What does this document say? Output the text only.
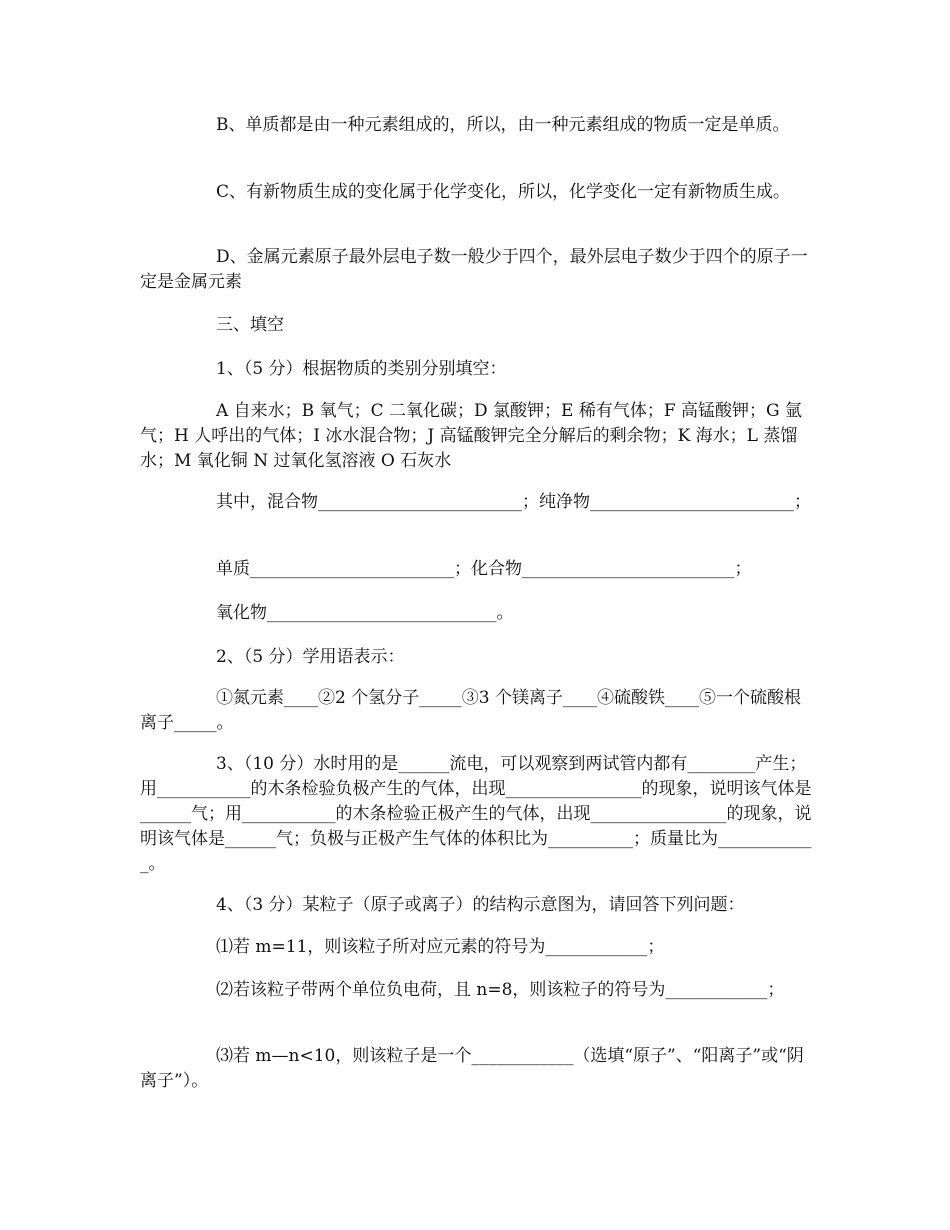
B、单质都是由一种元素组成的，所以，由一种元素组成的物质一定是单质。

C、有新物质生成的变化属于化学变化，所以，化学变化一定有新物质生成。

D、金属元素原子最外层电子数一般少于四个，最外层电子数少于四个的原子一定是金属元素

三、填空

1、（5 分）根据物质的类别分别填空：

A 自来水；B 氧气；C 二氧化碳；D 氯酸钾；E 稀有气体；F 高锰酸钾；G 氩气；H 人呼出的气体；I 冰水混合物；J 高锰酸钾完全分解后的剩余物；K 海水；L 蒸馏水；M 氧化铜 N 过氧化氢溶液 O 石灰水

其中，混合物________________________；纯净物________________________；

单质________________________；化合物_________________________；

氧化物___________________________。

2、（5 分）学用语表示：

①氮元素____②2 个氢分子_____③3 个镁离子____④硫酸铁____⑤一个硫酸根离子_____。

3、（10 分）水时用的是______流电，可以观察到两试管内都有________产生；用___________的木条检验负极产生的气体，出现________________的现象，说明该气体是______气；用___________的木条检验正极产生的气体，出现________________的现象，说明该气体是______气；负极与正极产生气体的体积比为__________；质量比为____________。

4、（3 分）某粒子（原子或离子）的结构示意图为，请回答下列问题：

⑴若 m=11，则该粒子所对应元素的符号为____________；

⑵若该粒子带两个单位负电荷，且 n=8，则该粒子的符号为____________；

⑶若 m—n<10，则该粒子是一个____________（选填“原子”、“阳离子”或“阴离子”）。
